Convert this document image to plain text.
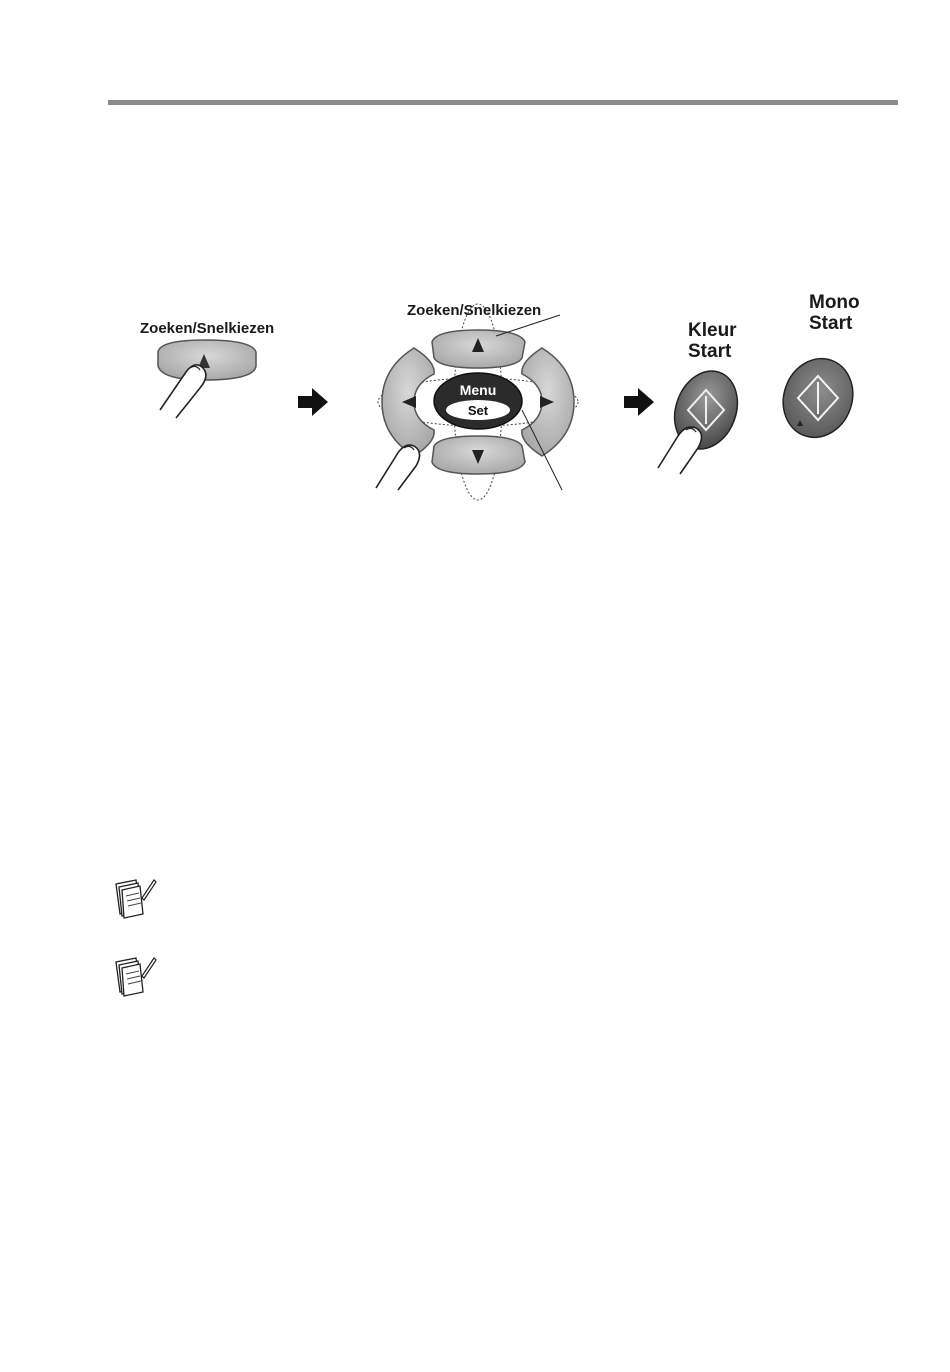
Zoeken/Snelkiezen
Zoeken/Snelkiezen
Kleur
Start
Mono
Start
Menu
Set
